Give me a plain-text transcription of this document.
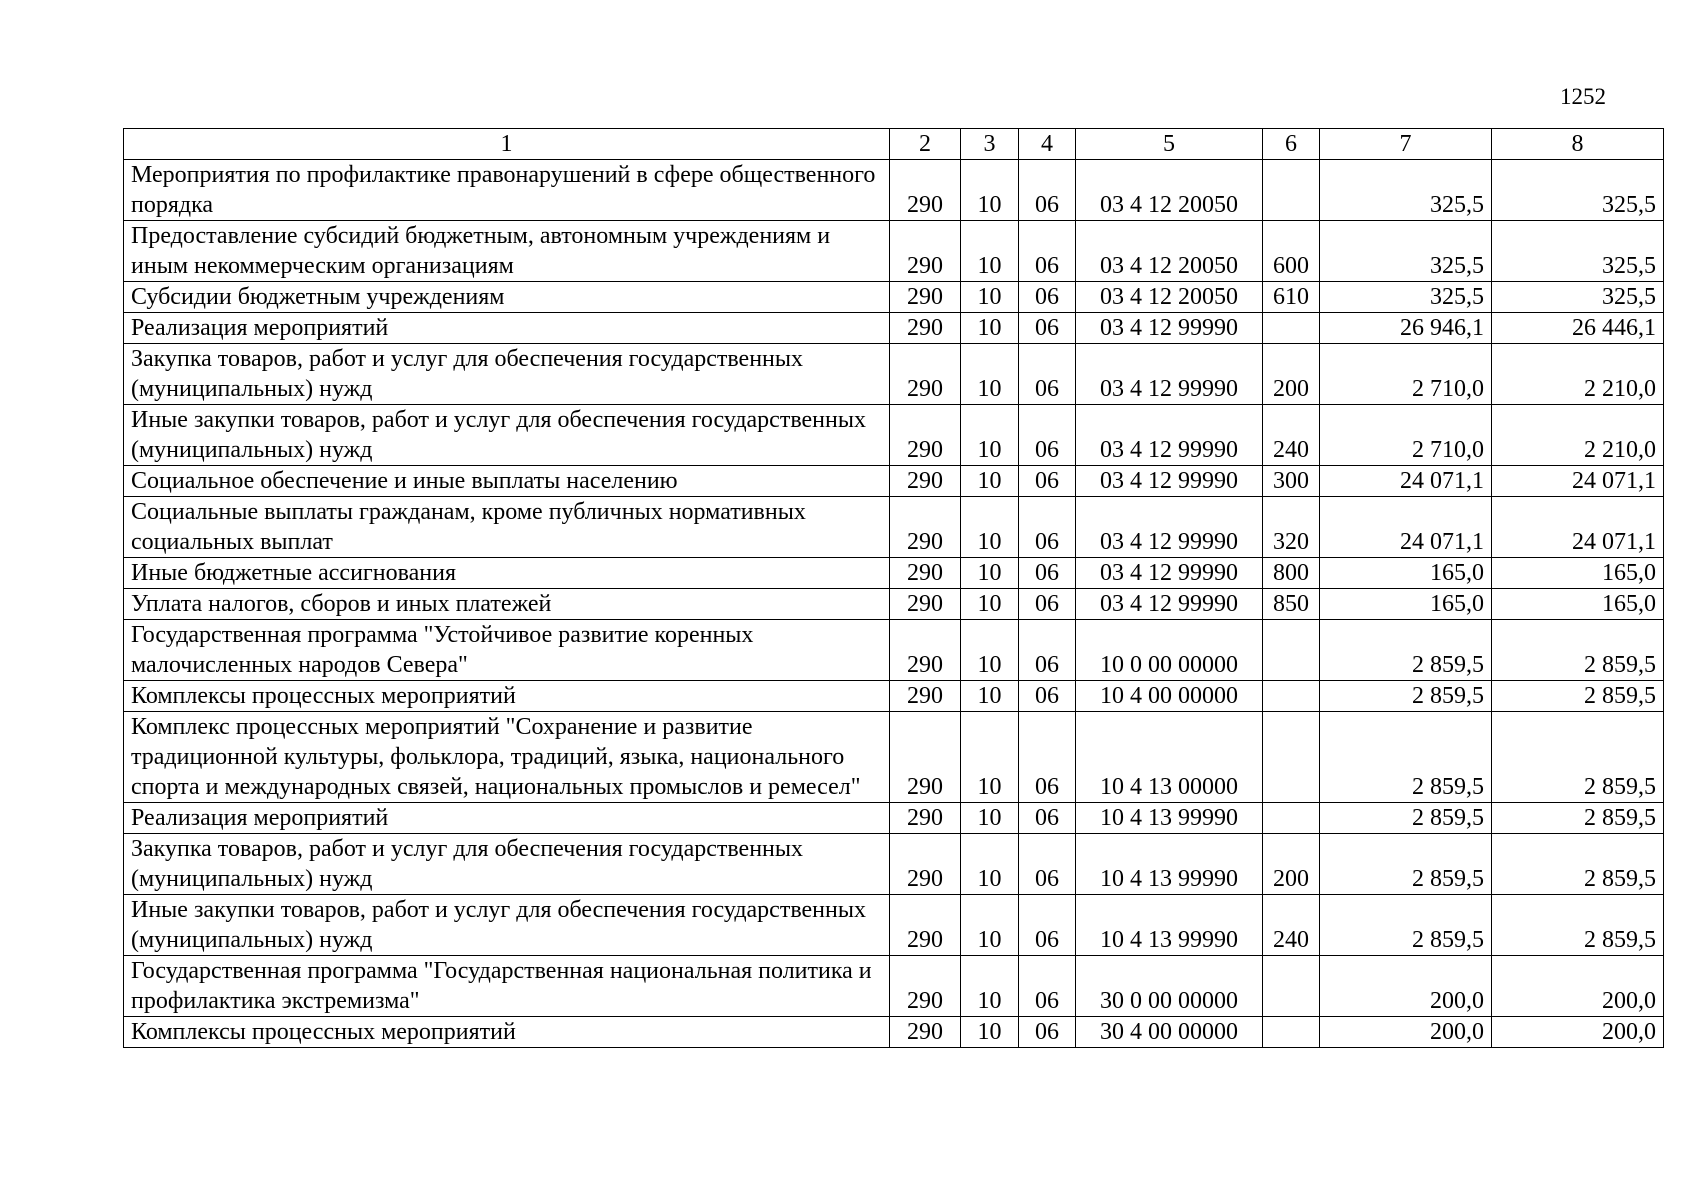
1252
1	2	3	4	5	6	7	8
Мероприятия по профилактике правонарушений в сфере общественного порядка	290	10	06	03 4 12 20050		325,5	325,5
Предоставление субсидий бюджетным, автономным учреждениям и иным некоммерческим организациям	290	10	06	03 4 12 20050	600	325,5	325,5
Субсидии бюджетным учреждениям	290	10	06	03 4 12 20050	610	325,5	325,5
Реализация мероприятий	290	10	06	03 4 12 99990		26 946,1	26 446,1
Закупка товаров, работ и услуг для обеспечения государственных (муниципальных) нужд	290	10	06	03 4 12 99990	200	2 710,0	2 210,0
Иные закупки товаров, работ и услуг для обеспечения государственных (муниципальных) нужд	290	10	06	03 4 12 99990	240	2 710,0	2 210,0
Социальное обеспечение и иные выплаты населению	290	10	06	03 4 12 99990	300	24 071,1	24 071,1
Социальные выплаты гражданам, кроме публичных нормативных социальных выплат	290	10	06	03 4 12 99990	320	24 071,1	24 071,1
Иные бюджетные ассигнования	290	10	06	03 4 12 99990	800	165,0	165,0
Уплата налогов, сборов и иных платежей	290	10	06	03 4 12 99990	850	165,0	165,0
Государственная программа "Устойчивое развитие коренных малочисленных народов Севера"	290	10	06	10 0 00 00000		2 859,5	2 859,5
Комплексы процессных мероприятий	290	10	06	10 4 00 00000		2 859,5	2 859,5
Комплекс процессных мероприятий "Сохранение и развитие традиционной культуры, фольклора, традиций, языка, национального спорта и международных связей, национальных промыслов и ремесел"	290	10	06	10 4 13 00000		2 859,5	2 859,5
Реализация мероприятий	290	10	06	10 4 13 99990		2 859,5	2 859,5
Закупка товаров, работ и услуг для обеспечения государственных (муниципальных) нужд	290	10	06	10 4 13 99990	200	2 859,5	2 859,5
Иные закупки товаров, работ и услуг для обеспечения государственных (муниципальных) нужд	290	10	06	10 4 13 99990	240	2 859,5	2 859,5
Государственная программа "Государственная национальная политика и профилактика экстремизма"	290	10	06	30 0 00 00000		200,0	200,0
Комплексы процессных мероприятий	290	10	06	30 4 00 00000		200,0	200,0
